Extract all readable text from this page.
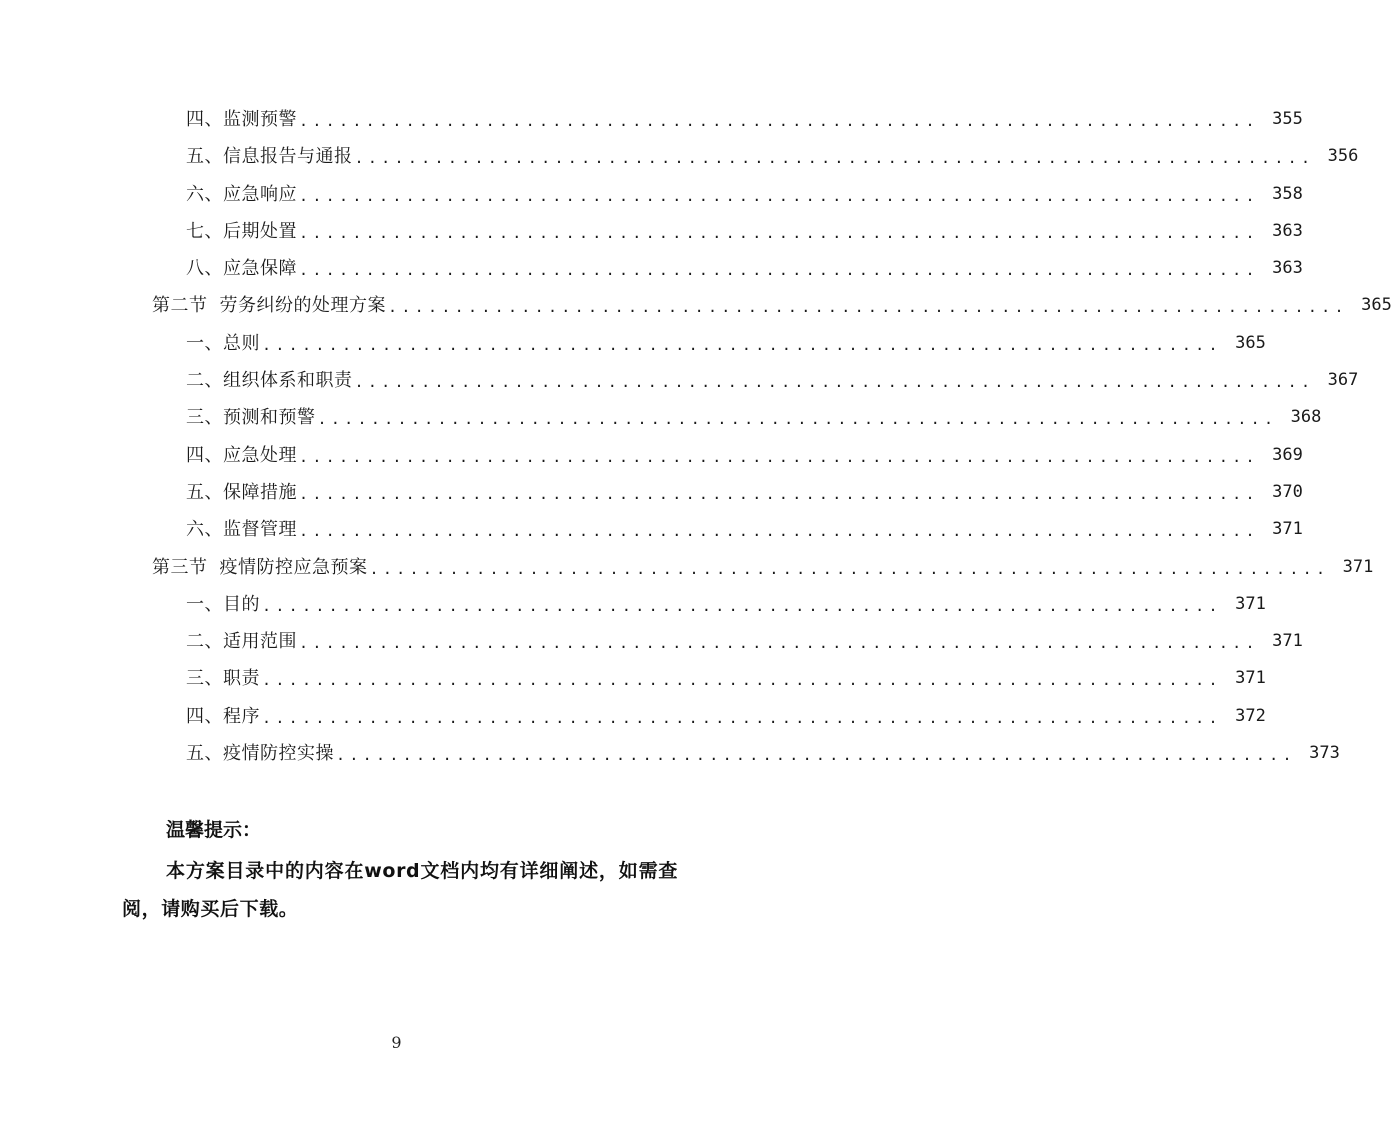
四、监测预警 ........................................................................ 355
五、信息报告与通报 ........................................................................ 356
六、应急响应 ........................................................................ 358
七、后期处置 ........................................................................ 363
八、应急保障 ........................................................................ 363
第二节 劳务纠纷的处理方案 ........................................................................ 365
一、总则 ........................................................................ 365
二、组织体系和职责 ........................................................................ 367
三、预测和预警 ........................................................................ 368
四、应急处理 ........................................................................ 369
五、保障措施 ........................................................................ 370
六、监督管理 ........................................................................ 371
第三节 疫情防控应急预案 ........................................................................ 371
一、目的 ........................................................................ 371
二、适用范围 ........................................................................ 371
三、职责 ........................................................................ 371
四、程序 ........................................................................ 372
五、疫情防控实操 ........................................................................ 373
温馨提示：
本方案目录中的内容在word文档内均有详细阐述，如需查阅，请购买后下载。
9
